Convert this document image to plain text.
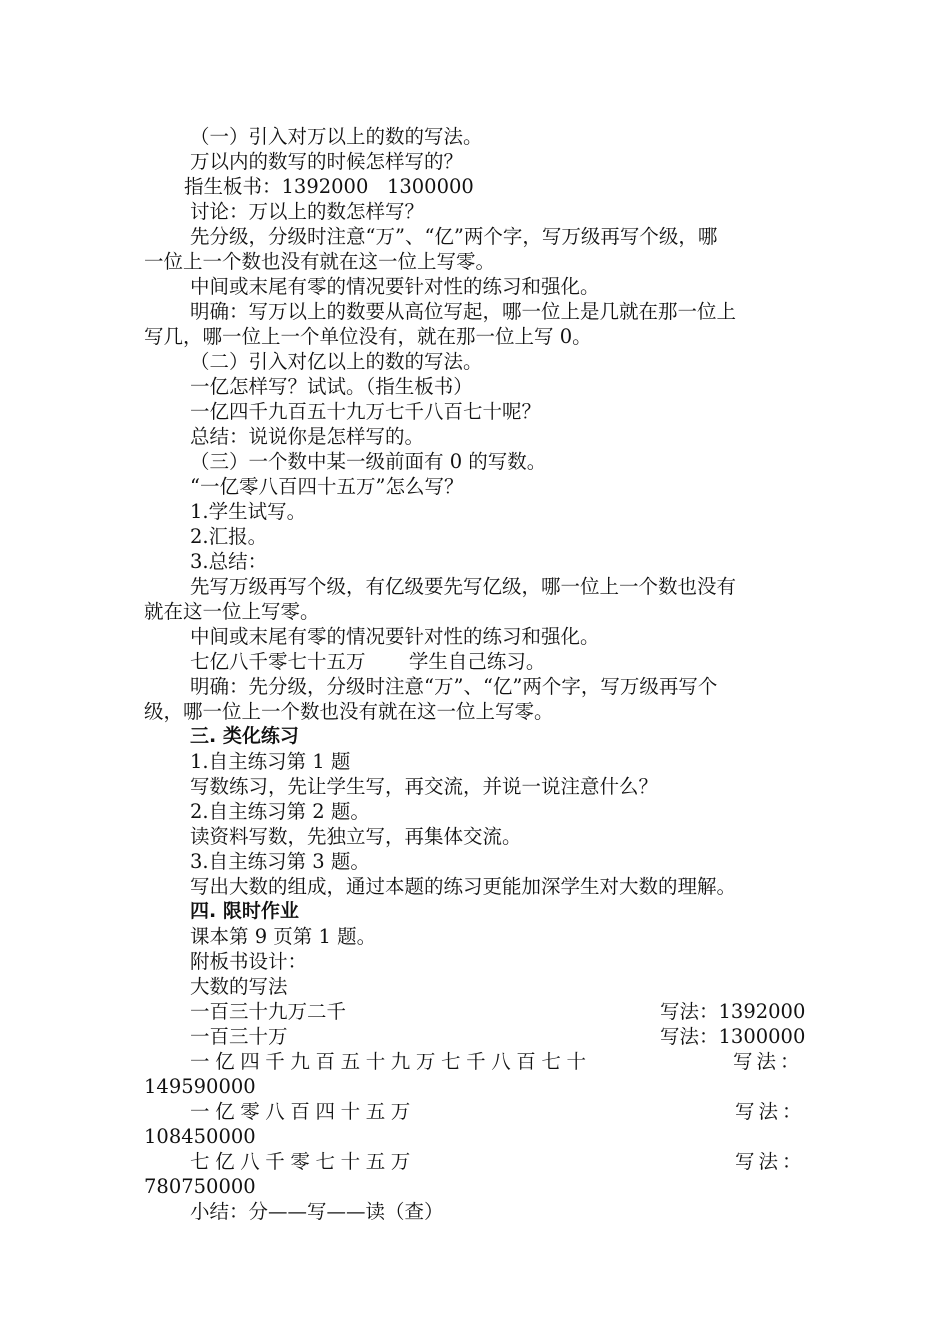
（一）引入对万以上的数的写法。
万以内的数写的时候怎样写的？
指生板书：1392000   1300000
讨论：万以上的数怎样写？
先分级，分级时注意“万”、“亿”两个字，写万级再写个级，哪
一位上一个数也没有就在这一位上写零。
中间或末尾有零的情况要针对性的练习和强化。
明确：写万以上的数要从高位写起，哪一位上是几就在那一位上
写几，哪一位上一个单位没有，就在那一位上写 0。
（二）引入对亿以上的数的写法。
一亿怎样写？试试。（指生板书）
一亿四千九百五十九万七千八百七十呢？
总结：说说你是怎样写的。
（三）一个数中某一级前面有 0 的写数。
“一亿零八百四十五万”怎么写？
1.学生试写。
2.汇报。
3.总结：
先写万级再写个级，有亿级要先写亿级，哪一位上一个数也没有
就在这一位上写零。
中间或末尾有零的情况要针对性的练习和强化。
七亿八千零七十五万       学生自己练习。
明确：先分级，分级时注意“万”、“亿”两个字，写万级再写个
级，哪一位上一个数也没有就在这一位上写零。
三. 类化练习
1.自主练习第 1 题
写数练习，先让学生写，再交流，并说一说注意什么？
2.自主练习第 2 题。
读资料写数，先独立写，再集体交流。
3.自主练习第 3 题。
写出大数的组成，通过本题的练习更能加深学生对大数的理解。
四. 限时作业
课本第 9 页第 1 题。
附板书设计：
大数的写法
一百三十九万二千	写法：1392000
一百三十万	写法：1300000
一亿四千九百五十九万七千八百七十	写法：
149590000
一亿零八百四十五万	写法：
108450000
七亿八千零七十五万	写法：
780750000
小结：分——写——读（查）
